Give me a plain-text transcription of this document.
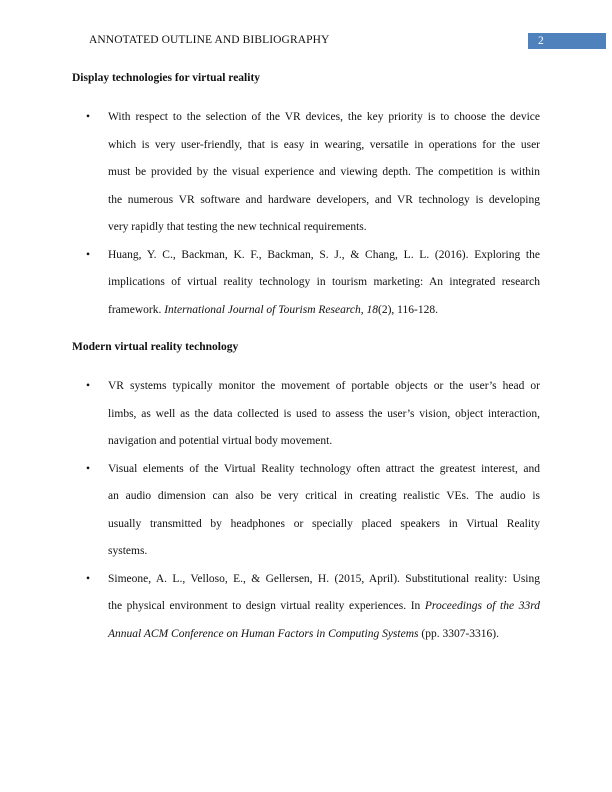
ANNOTATED OUTLINE AND BIBLIOGRAPHY	2
Display technologies for virtual reality
•
With respect to the selection of the VR devices, the key priority is to choose the device
which is very user-friendly, that is easy in wearing, versatile in operations for the user
must be provided by the visual experience and viewing depth. The competition is within
the numerous VR software and hardware developers, and VR technology is developing
very rapidly that testing the new technical requirements.
•
Huang, Y. C., Backman, K. F., Backman, S. J., & Chang, L. L. (2016). Exploring the
implications of virtual reality technology in tourism marketing: An integrated research
framework. International Journal of Tourism Research, 18(2), 116-128.
Modern virtual reality technology
•
VR systems typically monitor the movement of portable objects or the user’s head or
limbs, as well as the data collected is used to assess the user’s vision, object interaction,
navigation and potential virtual body movement.
•
Visual elements of the Virtual Reality technology often attract the greatest interest, and
an audio dimension can also be very critical in creating realistic VEs. The audio is
usually transmitted by headphones or specially placed speakers in Virtual Reality
systems.
•
Simeone, A. L., Velloso, E., & Gellersen, H. (2015, April). Substitutional reality: Using
the physical environment to design virtual reality experiences. In Proceedings of the 33rd
Annual ACM Conference on Human Factors in Computing Systems (pp. 3307-3316).
